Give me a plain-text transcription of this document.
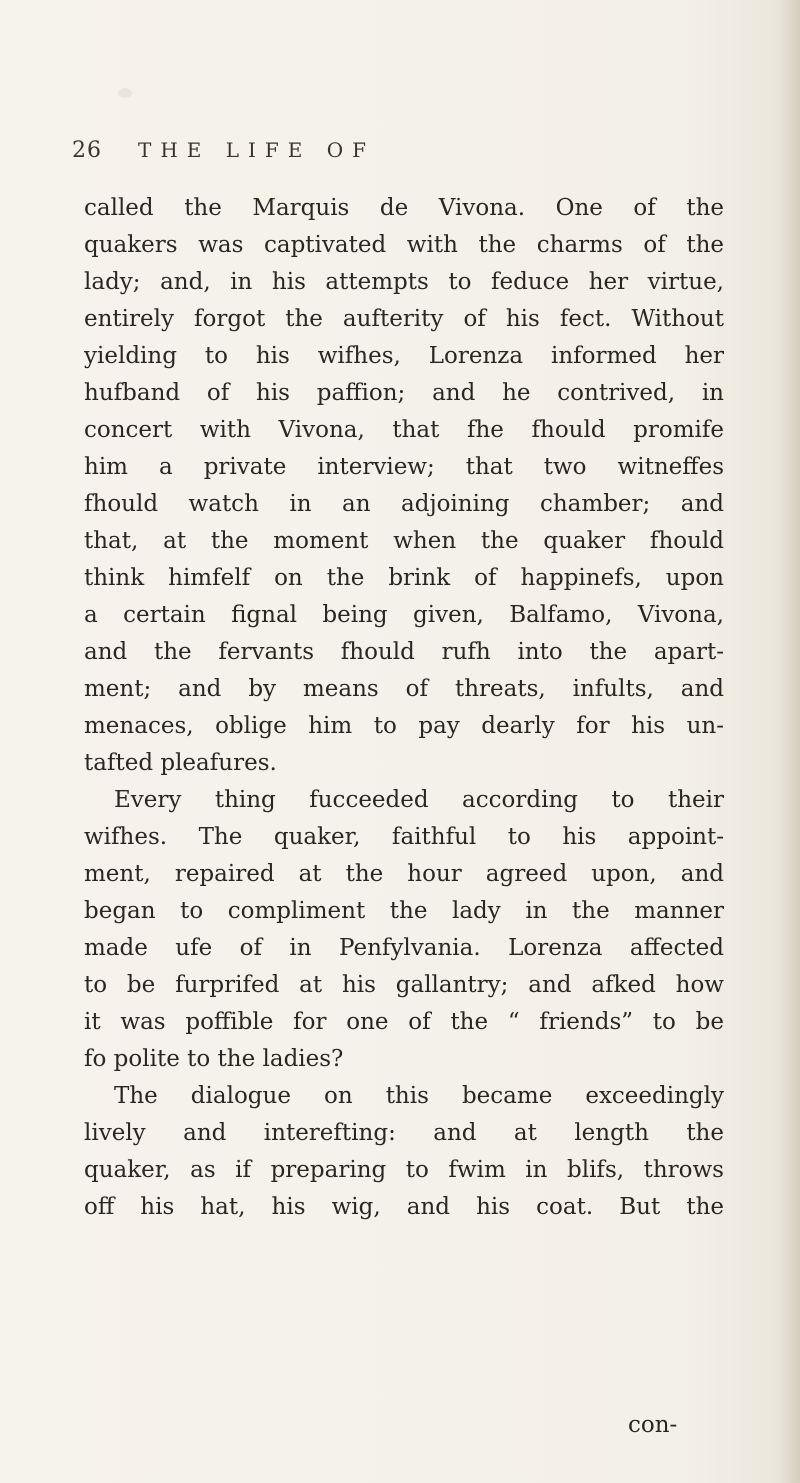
26 THE LIFE OF
called the Marquis de Vivona. One of the
quakers was captivated with the charms of the
lady; and, in his attempts to feduce her virtue,
entirely forgot the aufterity of his fect. Without
yielding to his wifhes, Lorenza informed her
hufband of his paffion; and he contrived, in
concert with Vivona, that fhe fhould promife
him a private interview; that two witneffes
fhould watch in an adjoining chamber; and
that, at the moment when the quaker fhould
think himfelf on the brink of happinefs, upon
a certain fignal being given, Balfamo, Vivona,
and the fervants fhould rufh into the apart-
ment; and by means of threats, infults, and
menaces, oblige him to pay dearly for his un-
tafted pleafures.
Every thing fucceeded according to their
wifhes. The quaker, faithful to his appoint-
ment, repaired at the hour agreed upon, and
began to compliment the lady in the manner
made ufe of in Penfylvania. Lorenza affected
to be furprifed at his gallantry; and afked how
it was poffible for one of the “ friends” to be
fo polite to the ladies?
The dialogue on this became exceedingly
lively and interefting: and at length the
quaker, as if preparing to fwim in blifs, throws
off his hat, his wig, and his coat. But the
con-
